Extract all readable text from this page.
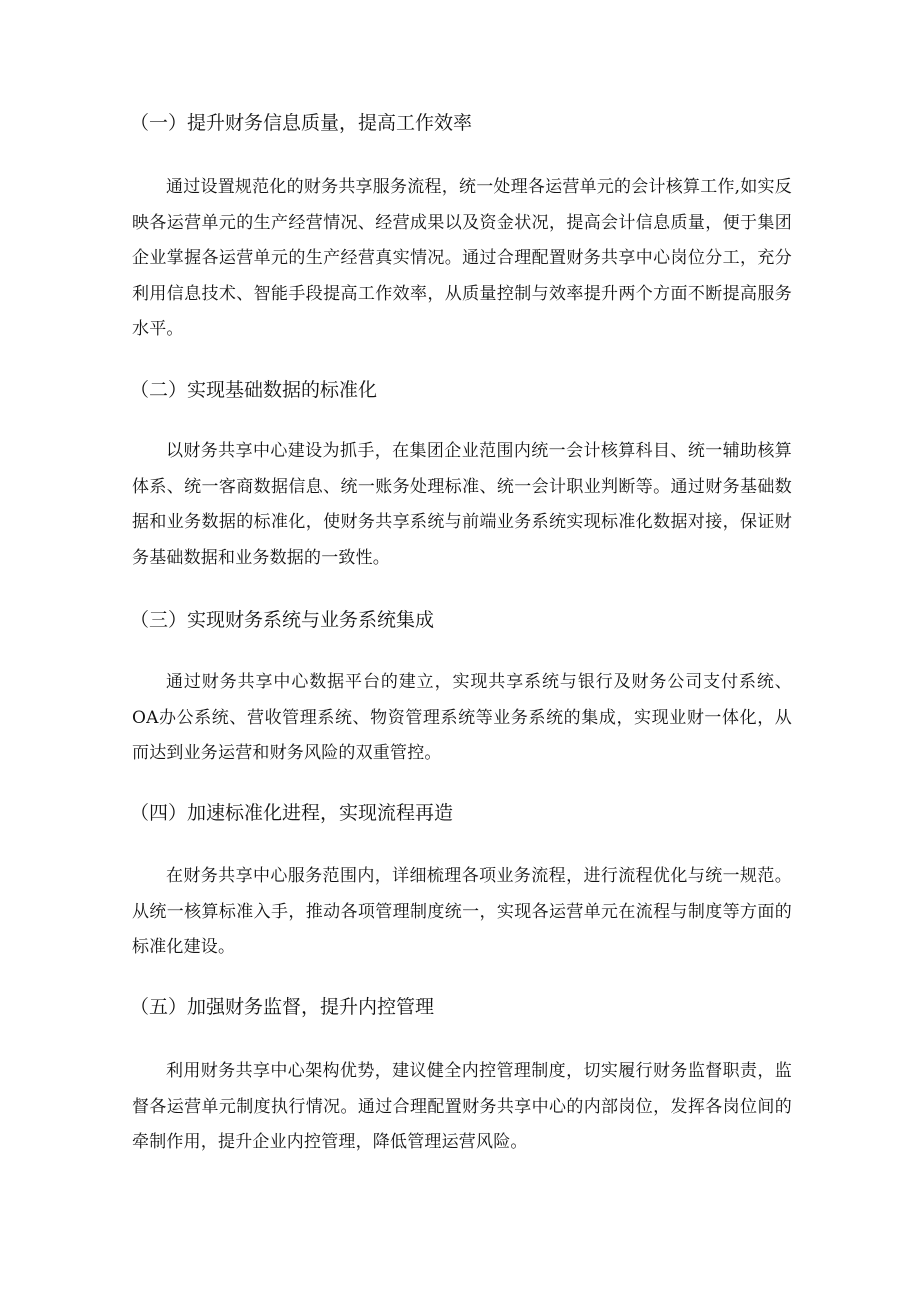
（一）提升财务信息质量，提高工作效率
通过设置规范化的财务共享服务流程，统一处理各运营单元的会计核算工作,如实反映各运营单元的生产经营情况、经营成果以及资金状况，提高会计信息质量，便于集团企业掌握各运营单元的生产经营真实情况。通过合理配置财务共享中心岗位分工，充分利用信息技术、智能手段提高工作效率，从质量控制与效率提升两个方面不断提高服务水平。
（二）实现基础数据的标准化
以财务共享中心建设为抓手，在集团企业范围内统一会计核算科目、统一辅助核算体系、统一客商数据信息、统一账务处理标准、统一会计职业判断等。通过财务基础数据和业务数据的标准化，使财务共享系统与前端业务系统实现标准化数据对接，保证财务基础数据和业务数据的一致性。
（三）实现财务系统与业务系统集成
通过财务共享中心数据平台的建立，实现共享系统与银行及财务公司支付系统、OA办公系统、营收管理系统、物资管理系统等业务系统的集成，实现业财一体化，从而达到业务运营和财务风险的双重管控。
（四）加速标准化进程，实现流程再造
在财务共享中心服务范围内，详细梳理各项业务流程，进行流程优化与统一规范。从统一核算标准入手，推动各项管理制度统一，实现各运营单元在流程与制度等方面的标准化建设。
（五）加强财务监督，提升内控管理
利用财务共享中心架构优势，建议健全内控管理制度，切实履行财务监督职责，监督各运营单元制度执行情况。通过合理配置财务共享中心的内部岗位，发挥各岗位间的牵制作用，提升企业内控管理，降低管理运营风险。
